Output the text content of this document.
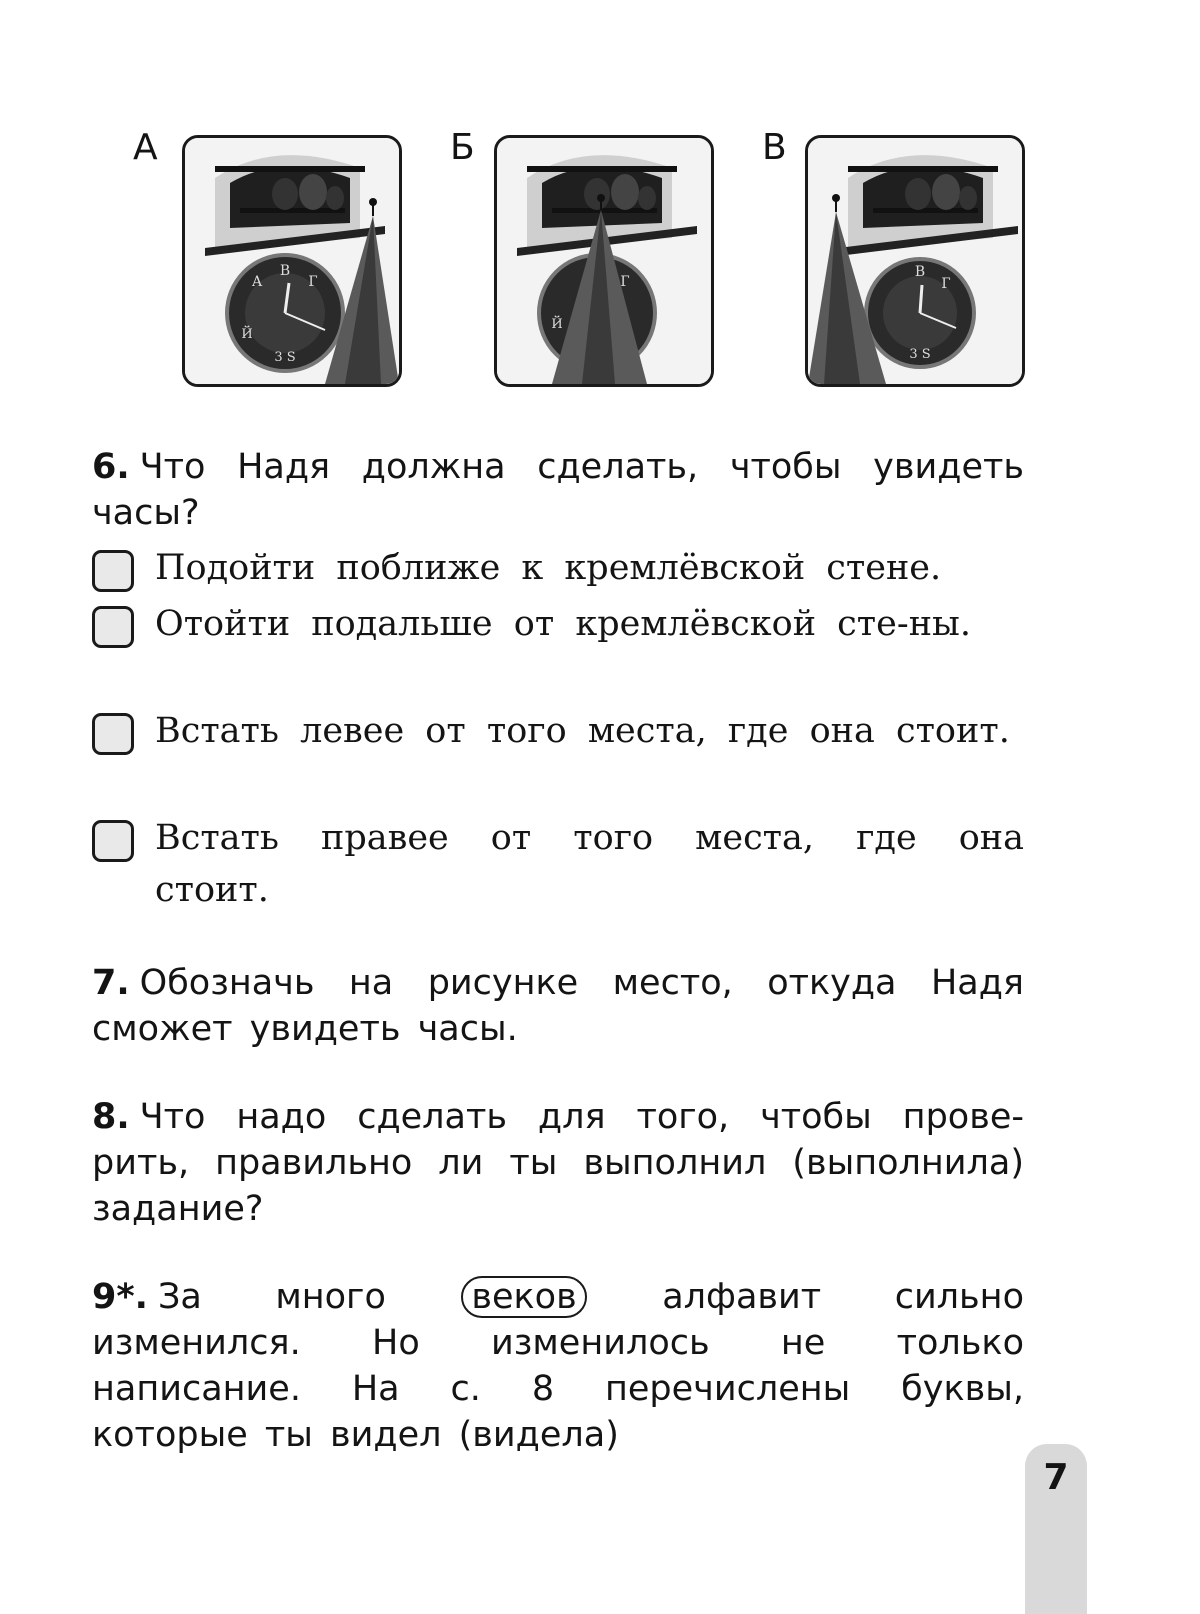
А	Б	В
В
Г
А
Й
3 S
Г
Й
В
Г
3 S
6. Что Надя должна сделать, чтобы увидеть часы?
Подойти поближе к кремлёвской стене.
Отойти подальше от кремлёвской сте-ны.
Встать левее от того места, где она стоит.
Встать правее от того места, где она стоит.
7. Обозначь на рисунке место, откуда Надя сможет увидеть часы.
8. Что надо сделать для того, чтобы прове-рить, правильно ли ты выполнил (выполнила) задание?
9*. За много веков алфавит сильно изменился. Но изменилось не только написание. На с. 8 перечислены буквы, которые ты видел (видела)
7
